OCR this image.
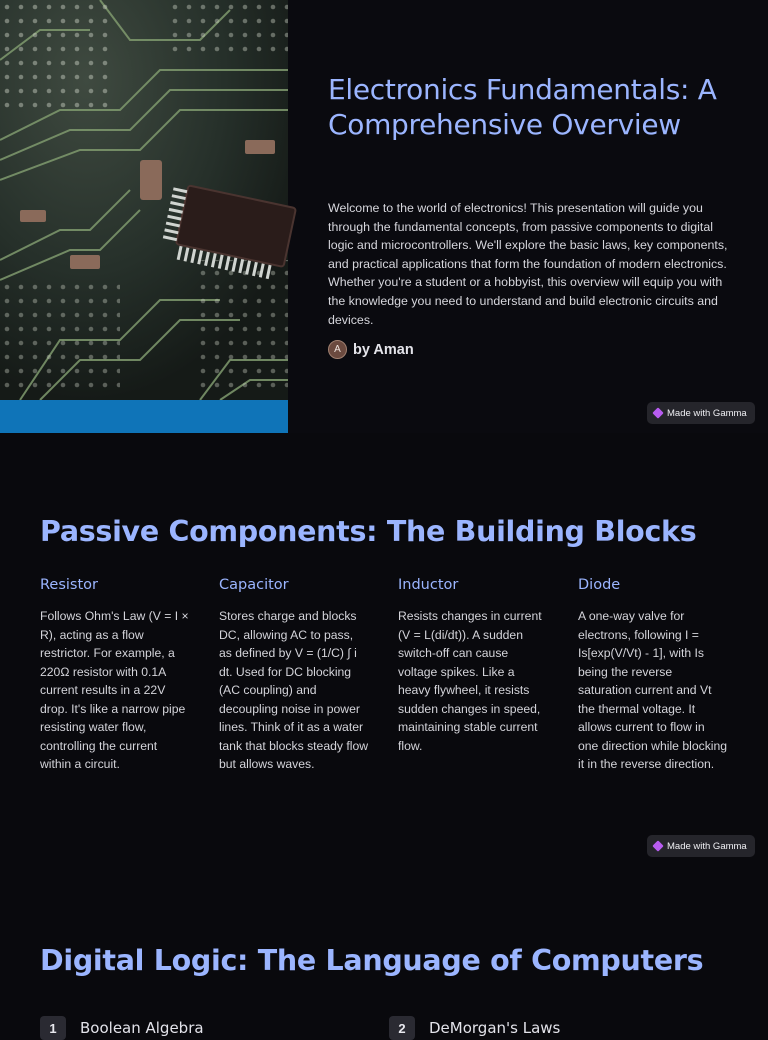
Electronics Fundamentals: A Comprehensive Overview

Welcome to the world of electronics! This presentation will guide you through the fundamental concepts, from passive components to digital logic and microcontrollers. We'll explore the basic laws, key components, and practical applications that form the foundation of modern electronics. Whether you're a student or a hobbyist, this overview will equip you with the knowledge you need to understand and build electronic circuits and devices.

A by Aman
Made with Gamma
Passive Components: The Building Blocks
Resistor

Follows Ohm's Law (V = I × R), acting as a flow restrictor. For example, a 220Ω resistor with 0.1A current results in a 22V drop. It's like a narrow pipe resisting water flow, controlling the current within a circuit.

Capacitor

Stores charge and blocks DC, allowing AC to pass, as defined by V = (1/C) ∫ i dt. Used for DC blocking (AC coupling) and decoupling noise in power lines. Think of it as a water tank that blocks steady flow but allows waves.

Inductor

Resists changes in current (V = L(di/dt)). A sudden switch-off can cause voltage spikes. Like a heavy flywheel, it resists sudden changes in speed, maintaining stable current flow.

Diode

A one-way valve for electrons, following I = Is[exp(V/Vt) - 1], with Is being the reverse saturation current and Vt the thermal voltage. It allows current to flow in one direction while blocking it in the reverse direction.

Made with Gamma
Digital Logic: The Language of Computers
1	Boolean Algebra	2	DeMorgan's Laws
